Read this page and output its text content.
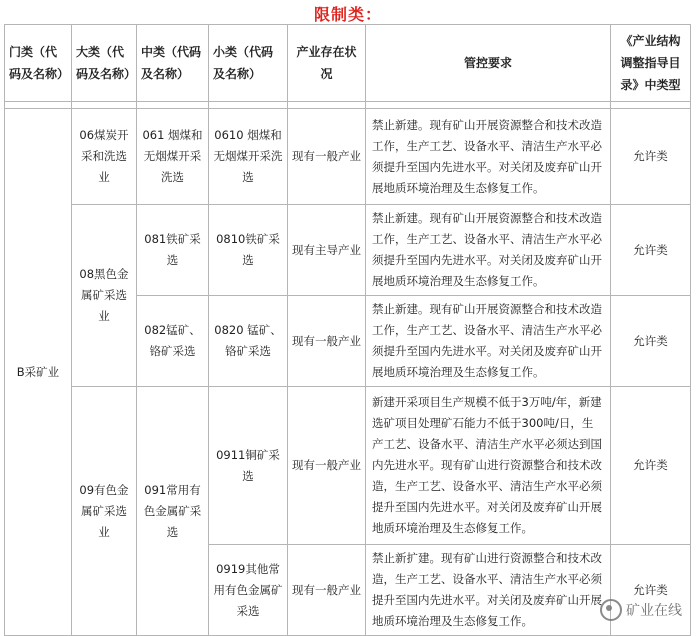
限制类：
门类（代码及名称）	大类（代码及名称）	中类（代码及名称）	小类（代码及名称）	产业存在状况	管控要求	《产业结构调整指导目录》中类型

B采矿业	06煤炭开采和洗选业	061 烟煤和无烟煤开采洗选	0610 烟煤和无烟煤开采洗选	现有一般产业	禁止新建。现有矿山开展资源整合和技术改造工作，生产工艺、设备水平、清洁生产水平必须提升至国内先进水平。对关闭及废弃矿山开展地质环境治理及生态修复工作。	允许类
	08黑色金属矿采选业	081铁矿采选	0810铁矿采选	现有主导产业	禁止新建。现有矿山开展资源整合和技术改造工作，生产工艺、设备水平、清洁生产水平必须提升至国内先进水平。对关闭及废弃矿山开展地质环境治理及生态修复工作。	允许类
		082锰矿、铬矿采选	0820 锰矿、铬矿采选	现有一般产业	禁止新建。现有矿山开展资源整合和技术改造工作，生产工艺、设备水平、清洁生产水平必须提升至国内先进水平。对关闭及废弃矿山开展地质环境治理及生态修复工作。	允许类
	09有色金属矿采选业	091常用有色金属矿采选	0911铜矿采选	现有一般产业	新建开采项目生产规模不低于3万吨/年，新建选矿项目处理矿石能力不低于300吨/日，生产工艺、设备水平、清洁生产水平必须达到国内先进水平。现有矿山进行资源整合和技术改造，生产工艺、设备水平、清洁生产水平必须提升至国内先进水平。对关闭及废弃矿山开展地质环境治理及生态修复工作。	允许类
			0919其他常用有色金属矿采选	现有一般产业	禁止新扩建。现有矿山进行资源整合和技术改造，生产工艺、设备水平、清洁生产水平必须提升至国内先进水平。对关闭及废弃矿山开展地质环境治理及生态修复工作。	允许类
矿业在线
